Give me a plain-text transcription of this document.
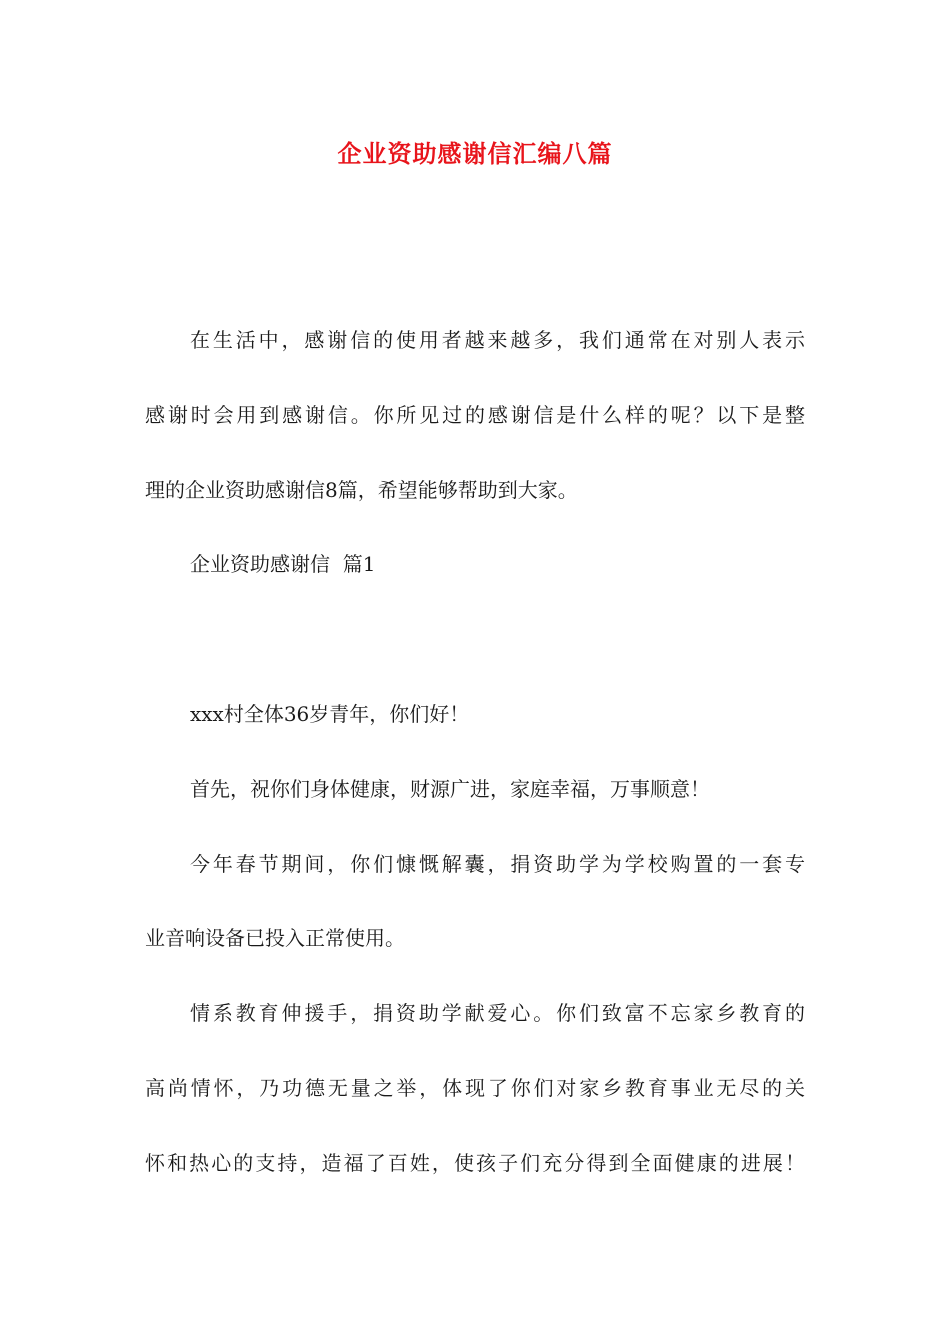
企业资助感谢信汇编八篇
在生活中，感谢信的使用者越来越多，我们通常在对别人表示
感谢时会用到感谢信。你所见过的感谢信是什么样的呢？以下是整
理的企业资助感谢信8篇，希望能够帮助到大家。
企业资助感谢信  篇1
xxx村全体36岁青年，你们好！
首先，祝你们身体健康，财源广进，家庭幸福，万事顺意！
今年春节期间，你们慷慨解囊，捐资助学为学校购置的一套专
业音响设备已投入正常使用。
情系教育伸援手，捐资助学献爱心。你们致富不忘家乡教育的
高尚情怀，乃功德无量之举，体现了你们对家乡教育事业无尽的关
怀和热心的支持，造福了百姓，使孩子们充分得到全面健康的进展！
